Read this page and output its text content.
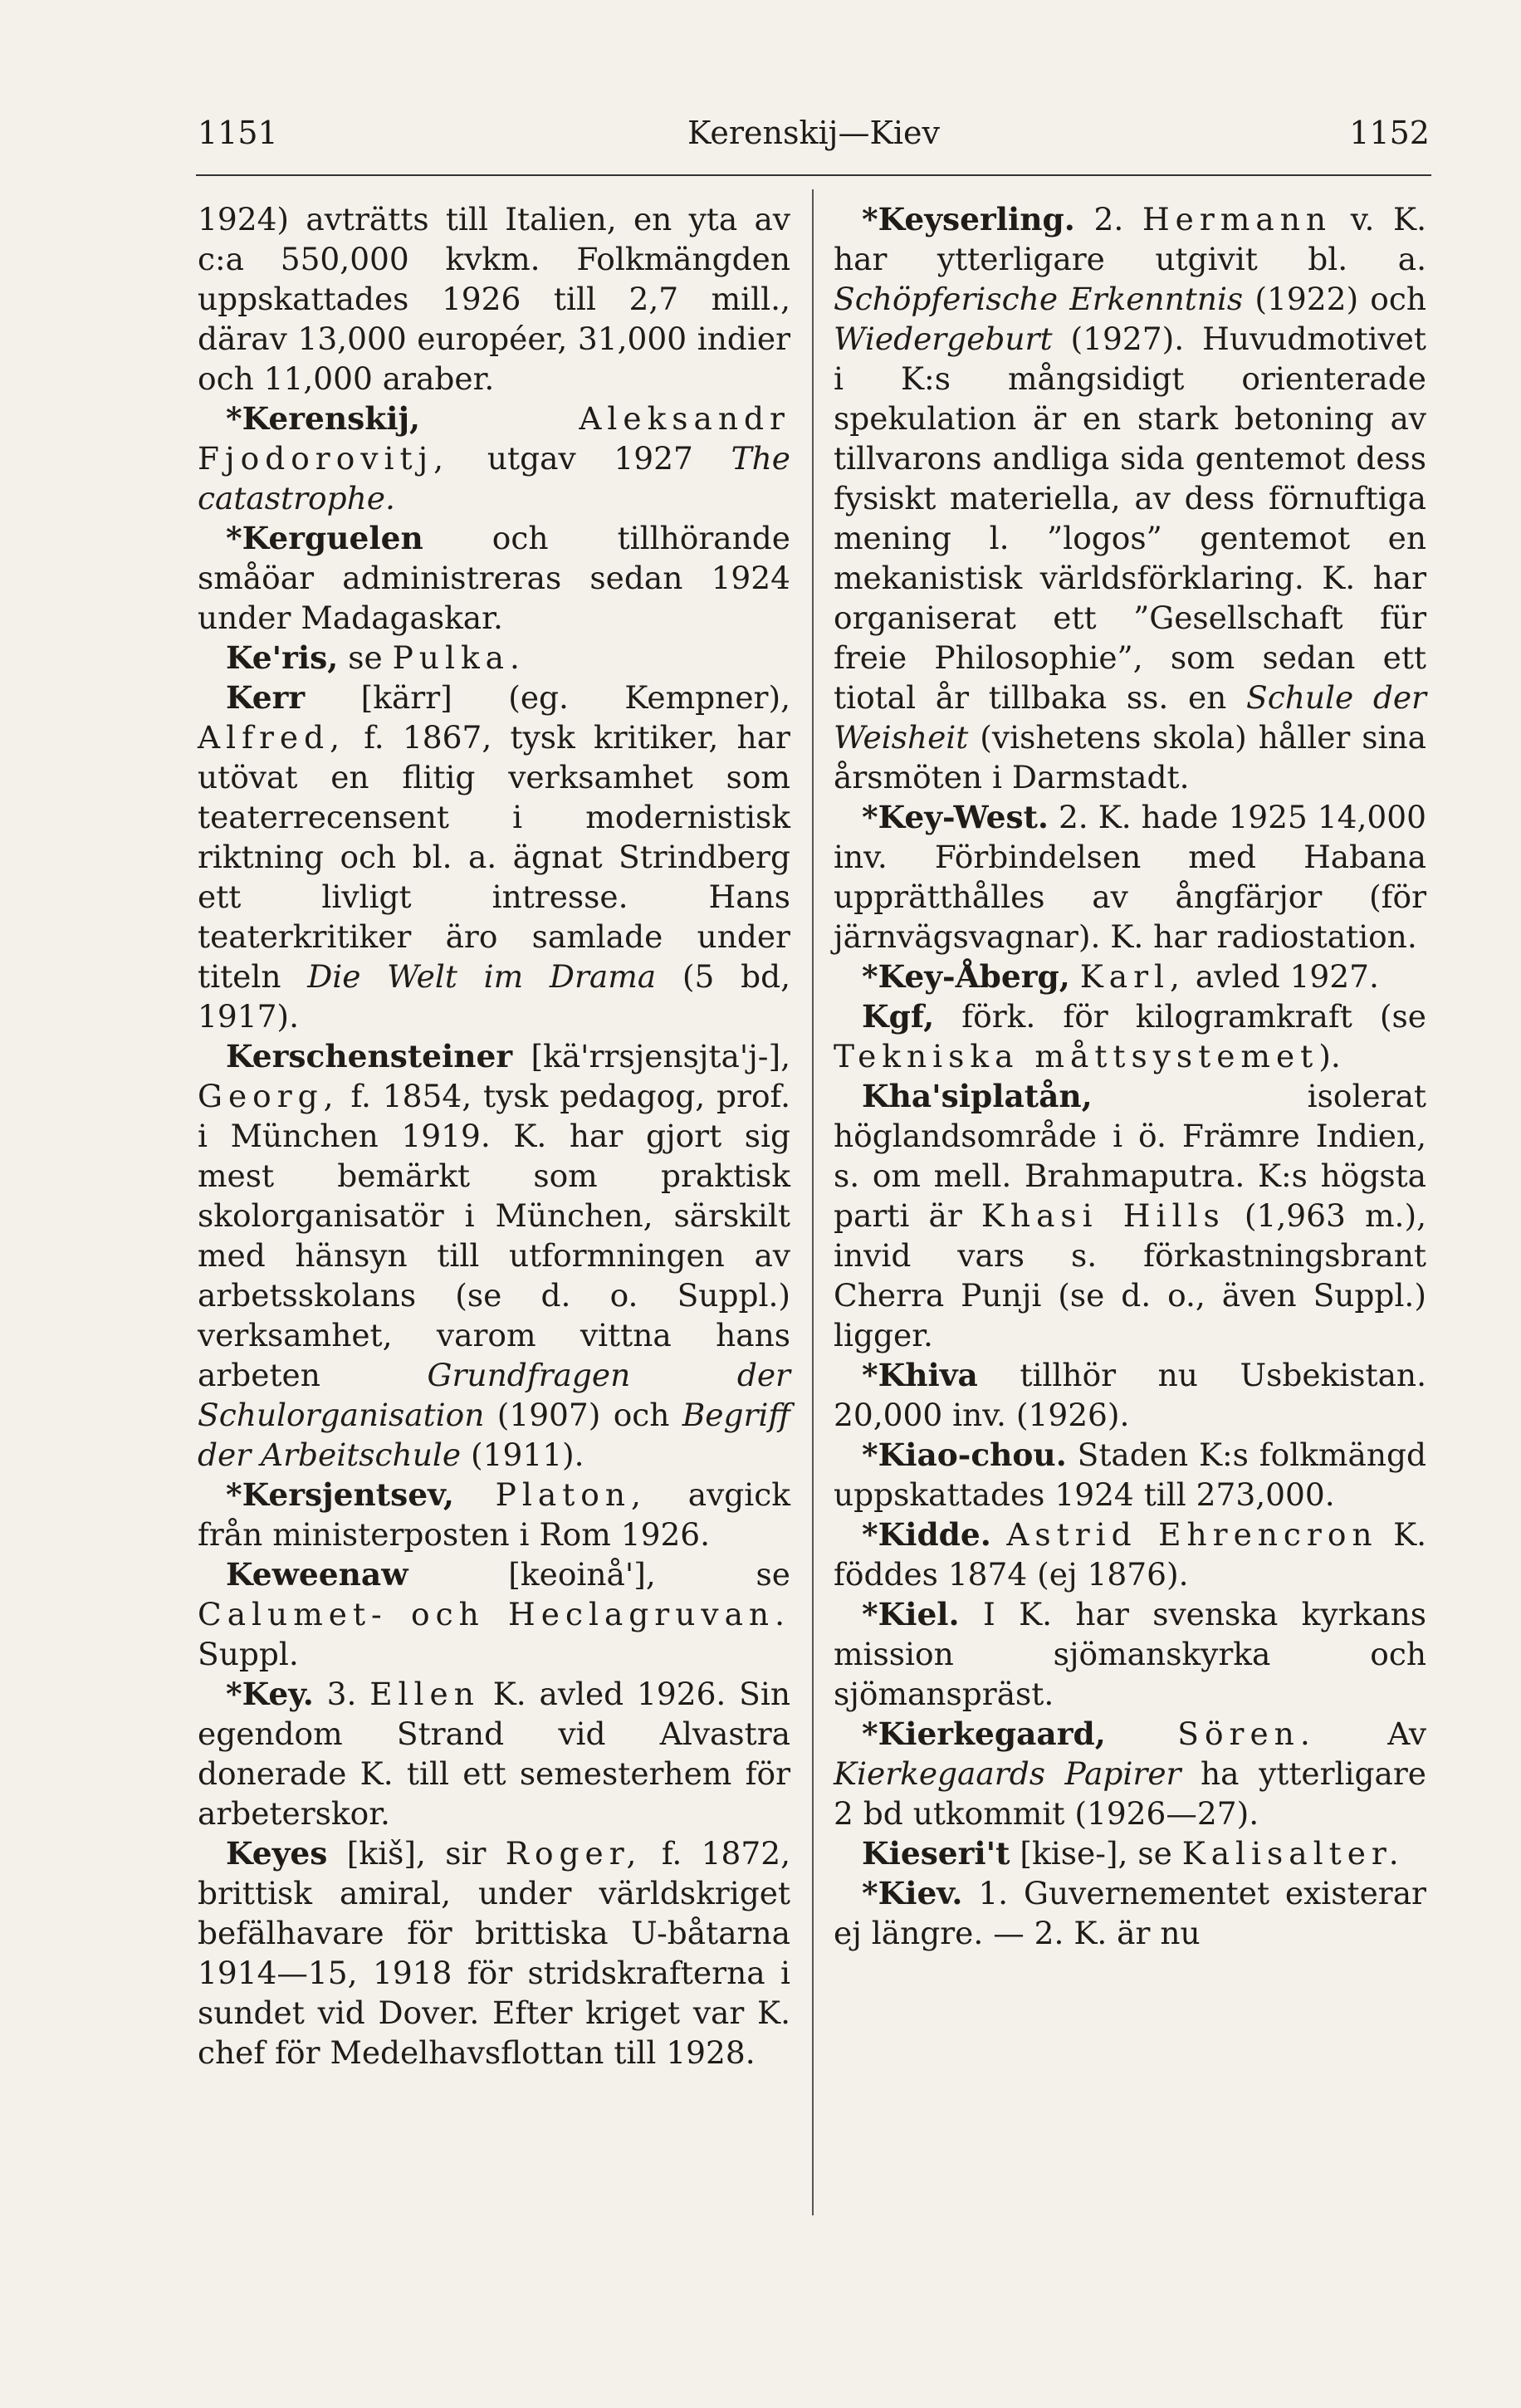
1151	Kerenskij—Kiev	1152

1924) avträtts till Italien, en yta av c:a 550,000 kvkm. Folkmängden uppskattades 1926 till 2,7 mill., därav 13,000 européer, 31,000 indier och 11,000 araber.

*Kerenskij,	Aleksandr Fjodorovitj, utgav 1927 The catastrophe.

*Kerguelen och tillhörande småöar administreras sedan 1924 under Madagaskar.

Ke'ris, se Pulka.

Kerr [kärr] (eg. Kempner), Alfred, f. 1867, tysk kritiker, har utövat en flitig verksamhet som teaterrecensent i modernistisk riktning och bl. a. ägnat Strindberg ett livligt intresse. Hans teaterkritiker äro samlade under titeln Die Welt im Drama (5 bd, 1917).

Kerschensteiner [kä'rrsjensjta'j-], Georg, f. 1854, tysk pedagog, prof. i München 1919. K. har gjort sig mest bemärkt som praktisk skolorganisatör i München, särskilt med hänsyn till utformningen av arbetsskolans (se d. o. Suppl.) verksamhet, varom vittna hans arbeten Grundfragen der Schulorganisation (1907) och Begriff der Arbeitschule (1911).

*Kersjentsev, Platon, avgick från ministerposten i Rom 1926.

Keweenaw [keoinå'], se Calumet- och Heclagruvan. Suppl.

*Key. 3. Ellen K. avled 1926. Sin egendom Strand vid Alvastra donerade K. till ett semesterhem för arbeterskor.

Keyes [kiš], sir Roger, f. 1872, brittisk amiral, under världskriget befälhavare för brittiska U-båtarna 1914—15, 1918 för stridskrafterna i sundet vid Dover. Efter kriget var K. chef för Medelhavsflottan till 1928.

*Keyserling. 2. Hermann v. K. har ytterligare utgivit bl. a. Schöpferische Erkenntnis (1922) och Wiedergeburt (1927). Huvudmotivet i K:s mångsidigt orienterade spekulation är en stark betoning av tillvarons andliga sida gentemot dess fysiskt materiella, av dess förnuftiga mening l. ”logos” gentemot en mekanistisk världsförklaring. K. har organiserat ett ”Gesellschaft für freie Philosophie”, som sedan ett tiotal år tillbaka ss. en Schule der Weisheit (vishetens skola) håller sina årsmöten i Darmstadt.

*Key-West. 2. K. hade 1925 14,000 inv. Förbindelsen med Habana upprätthålles av ångfärjor (för järnvägsvagnar). K. har radiostation.

*Key-Åberg, Karl, avled 1927.

Kgf, förk. för kilogramkraft (se Tekniska måttsystemet).

Kha'siplatån, isolerat höglandsområde i ö. Främre Indien, s. om mell. Brahmaputra. K:s högsta parti är Khasi Hills (1,963 m.), invid vars s. förkastningsbrant Cherra Punji (se d. o., även Suppl.) ligger.

*Khiva tillhör nu Usbekistan. 20,000 inv. (1926).

*Kiao-chou. Staden K:s folkmängd uppskattades 1924 till 273,000.

*Kidde. Astrid Ehrencron K. föddes 1874 (ej 1876).

*Kiel. I K. har svenska kyrkans mission sjömanskyrka och sjömanspräst.

*Kierkegaard, Sören. Av Kierkegaards Papirer ha ytterligare 2 bd utkommit (1926—27).

Kieseri't [kise-], se Kalisalter.

*Kiev. 1. Guvernementet existerar ej längre. — 2. K. är nu
